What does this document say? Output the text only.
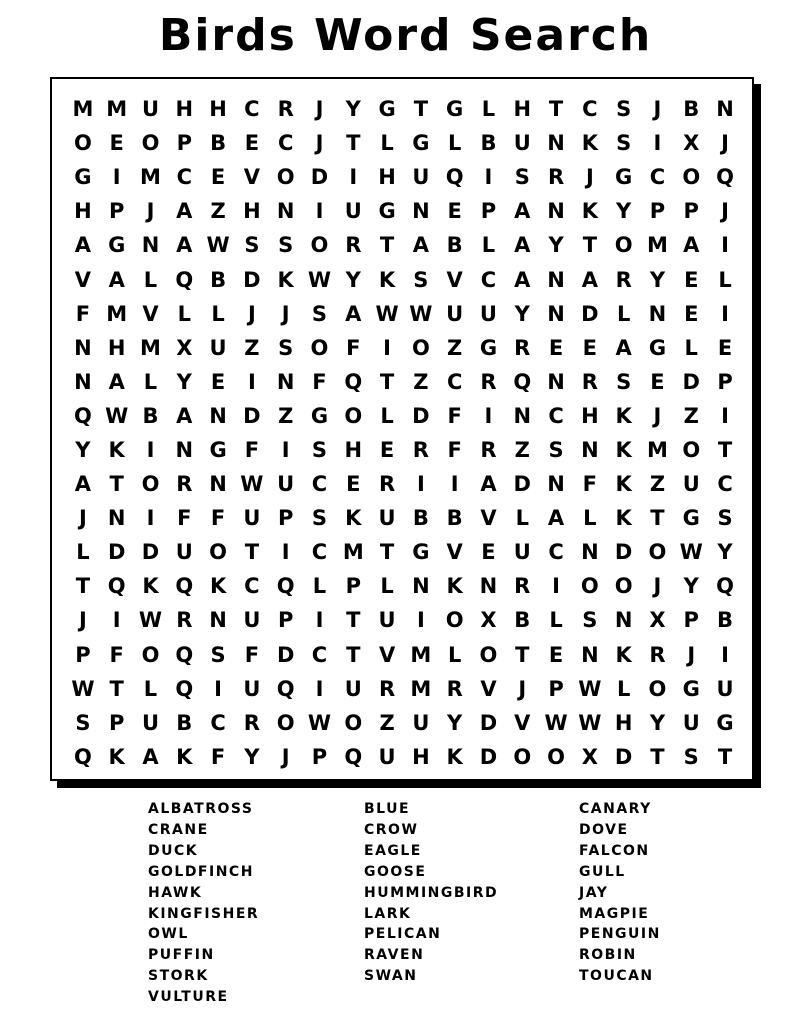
Birds Word Search
M M U H H C R	J	Y G T G L H T C S	J	B N
O E O P B E C	J	T L G L B U N K S	I	X	J
G	I M C E V O D	I	H U Q I	S R	J	G C O Q
H P	J	A Z H N	I	U G N E P A N K Y P P	J
A G N A W S S O R T A B L A Y T O M A	I
V A L Q B D K W Y K S V C A N A R Y E L
F M V L L	J	J	S A W W U U Y N D L N E	I
N H M X U Z S O F	I O Z G R E E A G L E
N A L Y E	I	N F Q T Z C R Q N R S E D P
Q W B A N D Z G O L D F	I	N C H K	J	Z	I
Y K	I	N G F	I	S H E R F R Z S N K M O T
A T O R N W U C E R	I	I	A D N F K Z U C
J	N	I	F F U P S K U B B V L A L K T G S
L D D U O T	I	C M T G V E U C N D O W Y
T Q K Q K C Q L P L N K N R	I O O J	Y Q
J	I W R N U P	I	T U	I O X B L S N X P B
P F O Q S F D C T V M L O T E N K R	J	I
W T L Q I	U Q I	U R M R V	J	P W L O G U
S P U B C R O W O Z U Y D V W W H Y U G
Q K A K F Y	J	P Q U H K D O O X D T S T
ALBATROSS
CRANE
DUCK
GOLDFINCH
HAWK
KINGFISHER
OWL
PUFFIN
STORK
VULTURE
BLUE
CROW
EAGLE
GOOSE
HUMMINGBIRD
LARK
PELICAN
RAVEN
SWAN
CANARY
DOVE
FALCON
GULL
JAY
MAGPIE
PENGUIN
ROBIN
TOUCAN
